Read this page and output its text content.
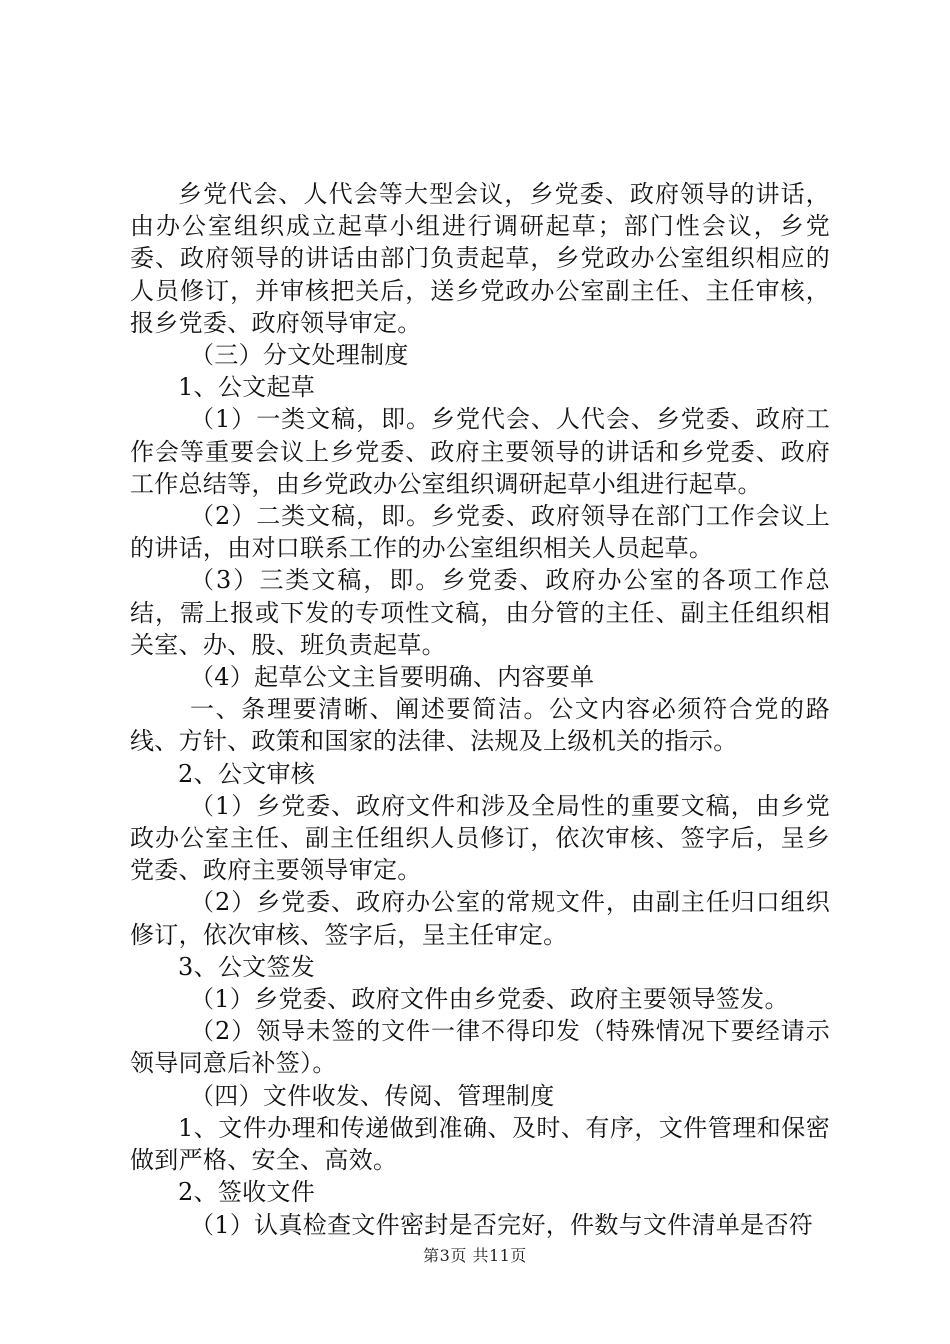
乡党代会、人代会等大型会议，乡党委、政府领导的讲话，由办公室组织成立起草小组进行调研起草；部门性会议，乡党委、政府领导的讲话由部门负责起草，乡党政办公室组织相应的人员修订，并审核把关后，送乡党政办公室副主任、主任审核，报乡党委、政府领导审定。

（三）分文处理制度

1、公文起草

（1）一类文稿，即。乡党代会、人代会、乡党委、政府工作会等重要会议上乡党委、政府主要领导的讲话和乡党委、政府工作总结等，由乡党政办公室组织调研起草小组进行起草。

（2）二类文稿，即。乡党委、政府领导在部门工作会议上的讲话，由对口联系工作的办公室组织相关人员起草。

（3）三类文稿，即。乡党委、政府办公室的各项工作总结，需上报或下发的专项性文稿，由分管的主任、副主任组织相关室、办、股、班负责起草。

（4）起草公文主旨要明确、内容要单

一、条理要清晰、阐述要简洁。公文内容必须符合党的路线、方针、政策和国家的法律、法规及上级机关的指示。

2、公文审核

（1）乡党委、政府文件和涉及全局性的重要文稿，由乡党政办公室主任、副主任组织人员修订，依次审核、签字后，呈乡党委、政府主要领导审定。

（2）乡党委、政府办公室的常规文件，由副主任归口组织修订，依次审核、签字后，呈主任审定。

3、公文签发

（1）乡党委、政府文件由乡党委、政府主要领导签发。

（2）领导未签的文件一律不得印发（特殊情况下要经请示领导同意后补签）。

（四）文件收发、传阅、管理制度

1、文件办理和传递做到准确、及时、有序，文件管理和保密做到严格、安全、高效。

2、签收文件

（1）认真检查文件密封是否完好，件数与文件清单是否符

第3页 共11页
